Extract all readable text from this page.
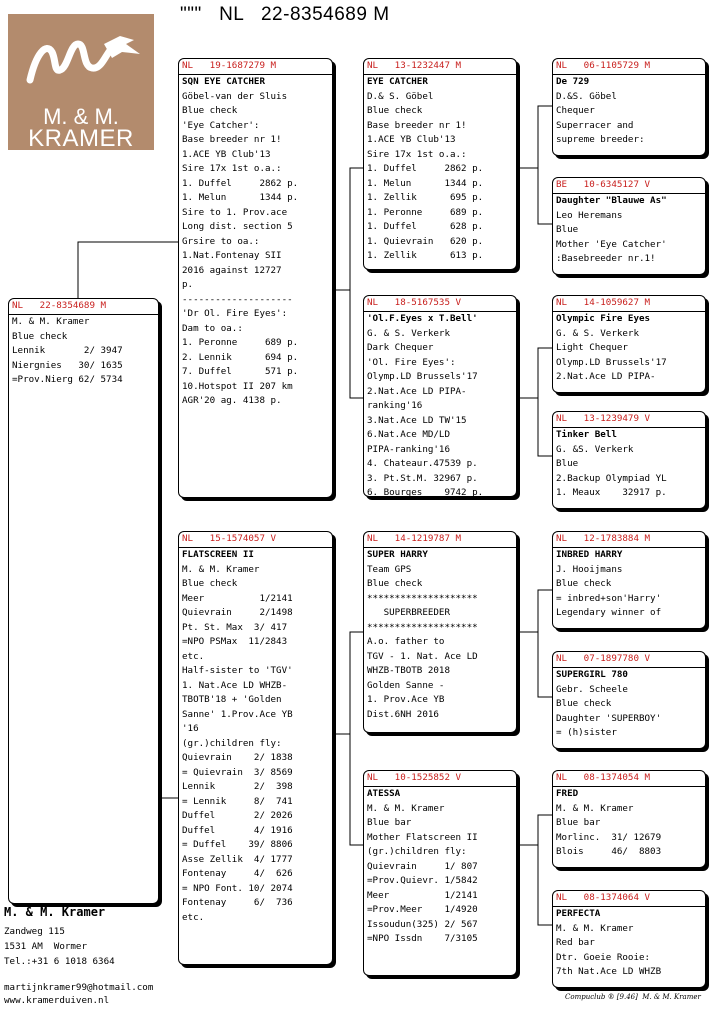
"""   NL   22-8354689 M
M. & M.
KRAMER
NL   22-8354689 M
M. & M. Kramer
Blue check
Lennik       2/ 3947
Niergnies   30/ 1635
=Prov.Nierg 62/ 5734
NL   19-1687279 M
SQN EYE CATCHER
Göbel-van der Sluis
Blue check
'Eye Catcher':
Base breeder nr 1!
1.ACE YB Club'13
Sire 17x 1st o.a.:
1. Duffel     2862 p.
1. Melun      1344 p.
Sire to 1. Prov.ace
Long dist. section 5
Grsire to oa.:
1.Nat.Fontenay SII
2016 against 12727
p.
--------------------
'Dr Ol. Fire Eyes':
Dam to oa.:
1. Peronne     689 p.
2. Lennik      694 p.
7. Duffel      571 p.
10.Hotspot II 207 km
AGR'20 ag. 4138 p.
NL   15-1574057 V
FLATSCREEN II
M. & M. Kramer
Blue check
Meer          1/2141
Quievrain     2/1498
Pt. St. Max  3/ 417
=NPO PSMax  11/2843
etc.
Half-sister to 'TGV'
1. Nat.Ace LD WHZB-
TBOTB'18 + 'Golden
Sanne' 1.Prov.Ace YB
'16
(gr.)children fly:
Quievrain    2/ 1838
= Quievrain  3/ 8569
Lennik       2/  398
= Lennik     8/  741
Duffel       2/ 2026
Duffel       4/ 1916
= Duffel    39/ 8806
Asse Zellik  4/ 1777
Fontenay     4/  626
= NPO Font. 10/ 2074
Fontenay     6/  736
etc.
NL   13-1232447 M
EYE CATCHER
D.& S. Göbel
Blue check
Base breeder nr 1!
1.ACE YB Club'13
Sire 17x 1st o.a.:
1. Duffel     2862 p.
1. Melun      1344 p.
1. Zellik      695 p.
1. Peronne     689 p.
1. Duffel      628 p.
1. Quievrain   620 p.
1. Zellik      613 p.
NL   18-5167535 V
'Ol.F.Eyes x T.Bell'
G. & S. Verkerk
Dark Chequer
'Ol. Fire Eyes':
Olymp.LD Brussels'17
2.Nat.Ace LD PIPA-
ranking'16
3.Nat.Ace LD TW'15
6.Nat.Ace MD/LD
PIPA-ranking'16
4. Chateaur.47539 p.
3. Pt.St.M. 32967 p.
6. Bourges    9742 p.
NL   14-1219787 M
SUPER HARRY
Team GPS
Blue check
********************
SUPERBREEDER
********************
A.o. father to
TGV - 1. Nat. Ace LD
WHZB-TBOTB 2018
Golden Sanne -
1. Prov.Ace YB
Dist.6NH 2016
NL   10-1525852 V
ATESSA
M. & M. Kramer
Blue bar
Mother Flatscreen II
(gr.)children fly:
Quievrain     1/ 807
=Prov.Quievr. 1/5842
Meer          1/2141
=Prov.Meer    1/4920
Issoudun(325) 2/ 567
=NPO Issdn    7/3105
NL   06-1105729 M
De 729
D.&S. Göbel
Chequer
Superracer and
supreme breeder:
BE   10-6345127 V
Daughter "Blauwe As"
Leo Heremans
Blue
Mother 'Eye Catcher'
:Basebreeder nr.1!
NL   14-1059627 M
Olympic Fire Eyes
G. & S. Verkerk
Light Chequer
Olymp.LD Brussels'17
2.Nat.Ace LD PIPA-
NL   13-1239479 V
Tinker Bell
G. &S. Verkerk
Blue
2.Backup Olympiad YL
1. Meaux    32917 p.
NL   12-1783884 M
INBRED HARRY
J. Hooijmans
Blue check
= inbred+son'Harry'
Legendary winner of
NL   07-1897780 V
SUPERGIRL 780
Gebr. Scheele
Blue check
Daughter 'SUPERBOY'
= (h)sister
NL   08-1374054 M
FRED
M. & M. Kramer
Blue bar
Morlinc.  31/ 12679
Blois     46/  8803
NL   08-1374064 V
PERFECTA
M. & M. Kramer
Red bar
Dtr. Goeie Rooie:
7th Nat.Ace LD WHZB
M. & M. Kramer
Zandweg 115
1531 AM  Wormer
Tel.:+31 6 1018 6364
martijnkramer99@hotmail.com
www.kramerduiven.nl	Compuclub ® [9.46]  M. & M. Kramer
